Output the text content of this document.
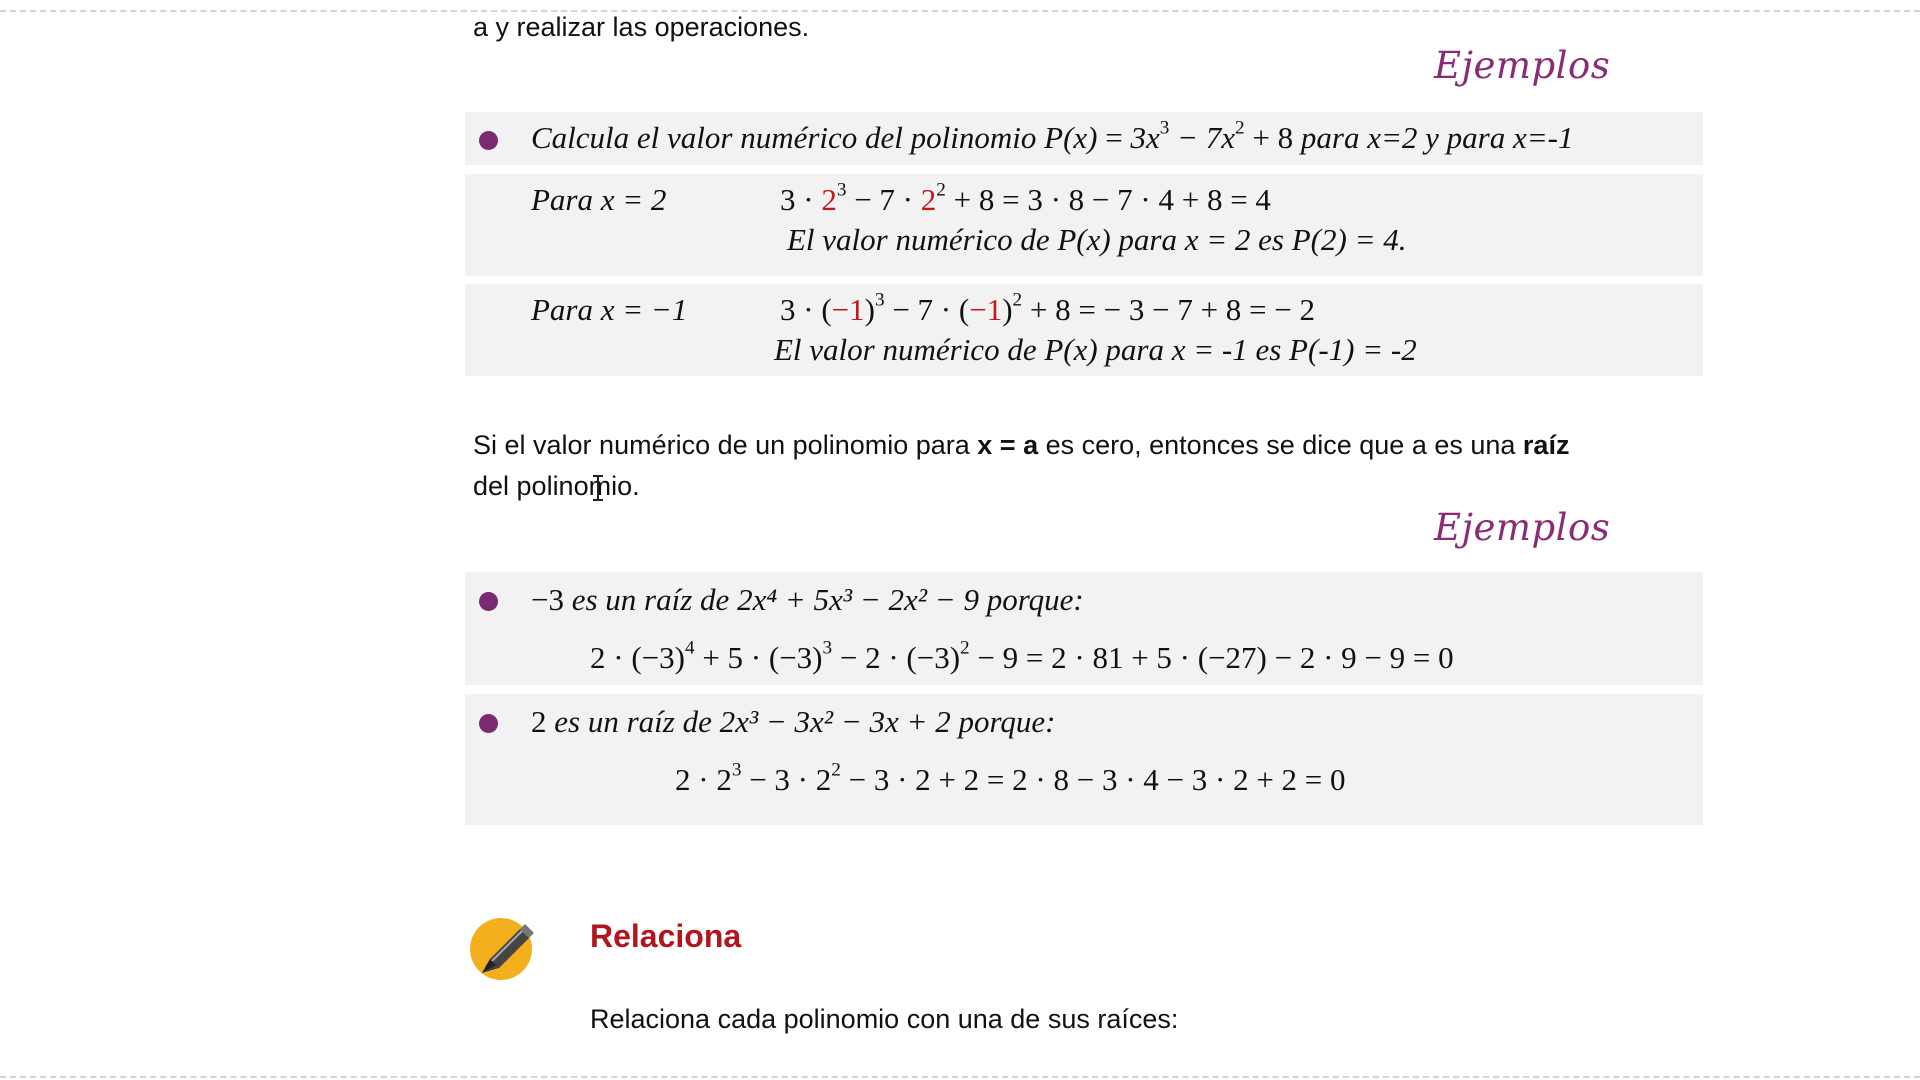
a y realizar las operaciones.
Ejemplos
Calcula el valor numérico del polinomio $P(x) = 3x^3 - 7x^2 + 8$ para x=2 y para x=-1
Para x = 2	$3 \cdot 2^3 - 7 \cdot 2^2 + 8 = 3 \cdot 8 - 7 \cdot 4 + 8 = 4$
El valor numérico de P(x) para x = 2 es P(2) = 4.
Para x = −1	$3 \cdot (-1)^3 - 7 \cdot (-1)^2 + 8$ = − 3 − 7 + 8 = − 2
El valor numérico de P(x) para x = -1 es P(-1) = -2
Si el valor numérico de un polinomio para x = a es cero, entonces se dice que a es una raíz
del polinomio.
Ejemplos
−3 es un raíz de 2x⁴ + 5x³ − 2x² − 9 porque:
$2 \cdot (-3)^4 + 5 \cdot (-3)^3 - 2 \cdot (-3)^2 - 9 = 2 \cdot 81 + 5 \cdot (-27) - 2 \cdot 9 - 9 = 0$
2 es un raíz de 2x³ − 3x² − 3x + 2 porque:
$2 \cdot 2^3 - 3 \cdot 2^2 - 3 \cdot 2 + 2 = 2 \cdot 8 - 3 \cdot 4 - 3 \cdot 2 + 2 = 0$
Relaciona
Relaciona cada polinomio con una de sus raíces:
